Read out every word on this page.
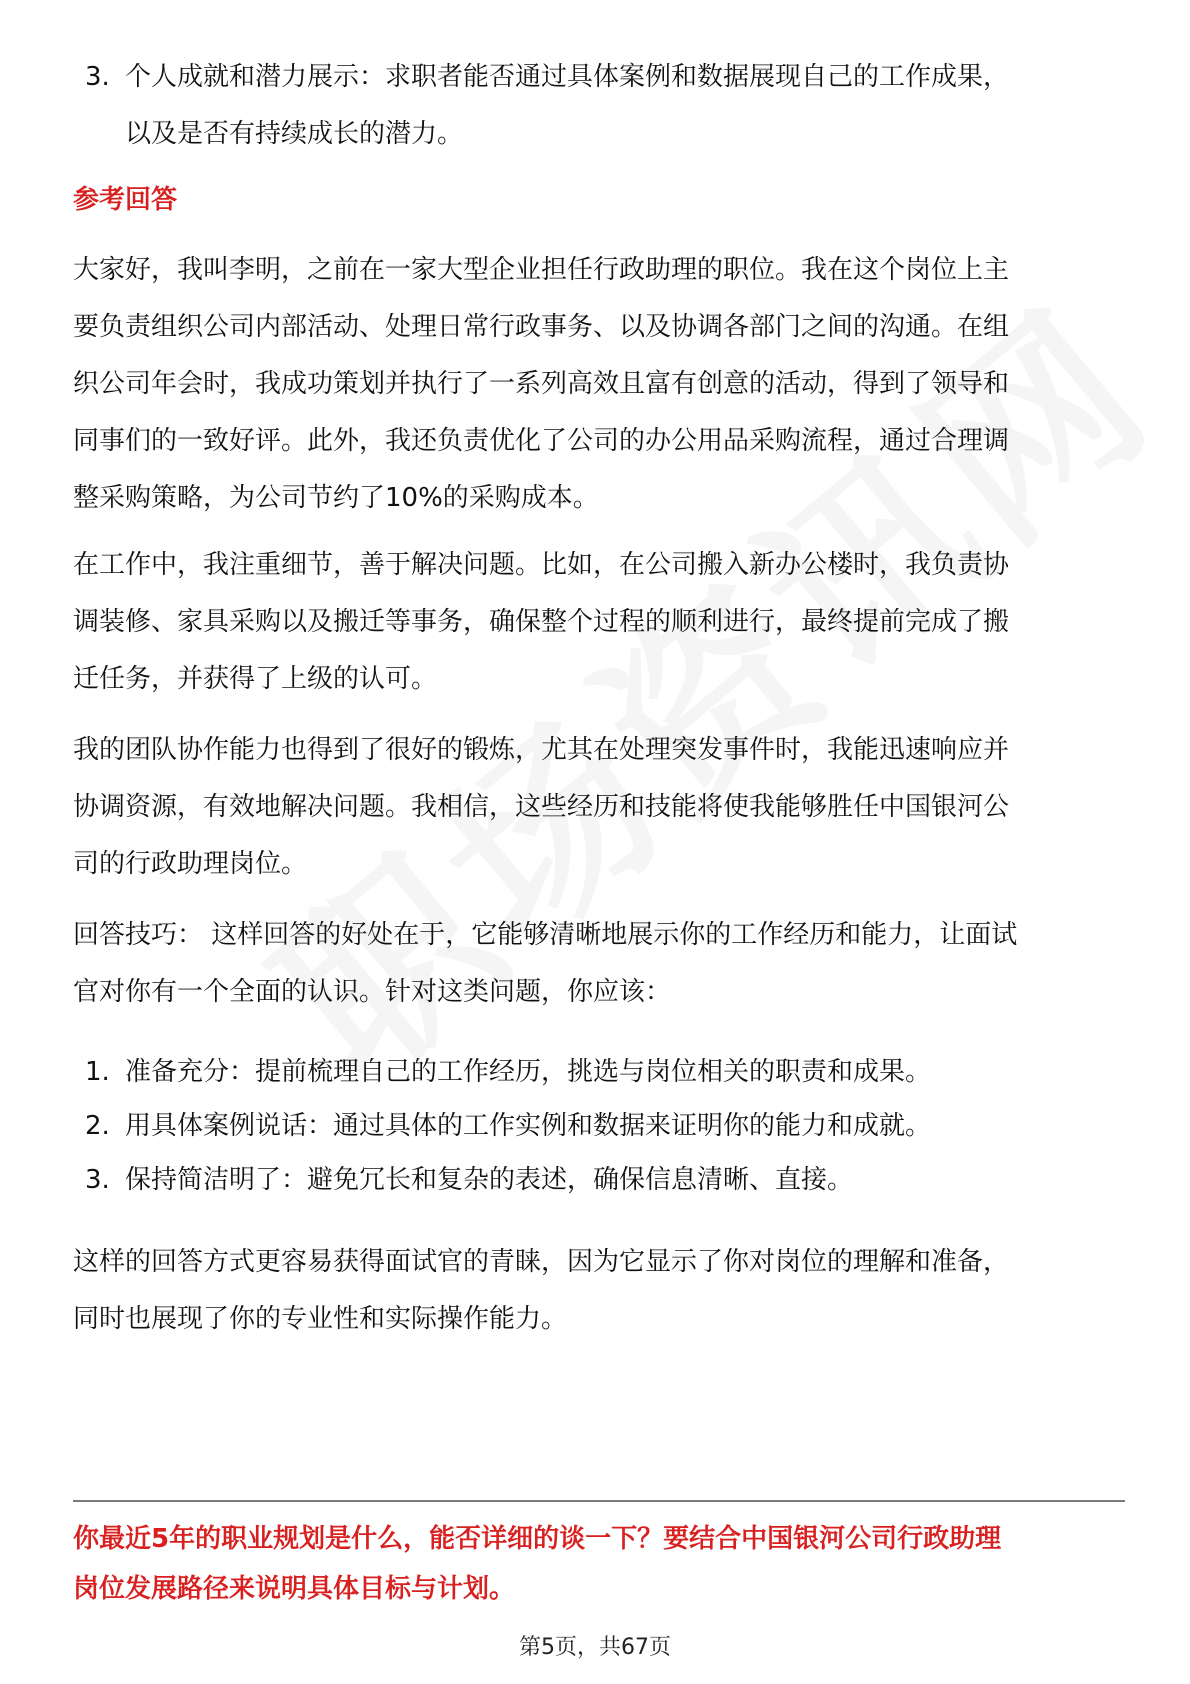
3. 个人成就和潜力展示：求职者能否通过具体案例和数据展现自己的工作成果，
以及是否有持续成长的潜力。
参考回答
大家好，我叫李明，之前在一家大型企业担任行政助理的职位。我在这个岗位上主
要负责组织公司内部活动、处理日常行政事务、以及协调各部门之间的沟通。在组
织公司年会时，我成功策划并执行了一系列高效且富有创意的活动，得到了领导和
同事们的一致好评。此外，我还负责优化了公司的办公用品采购流程，通过合理调
整采购策略，为公司节约了10%的采购成本。
在工作中，我注重细节，善于解决问题。比如，在公司搬入新办公楼时，我负责协
调装修、家具采购以及搬迁等事务，确保整个过程的顺利进行，最终提前完成了搬
迁任务，并获得了上级的认可。
我的团队协作能力也得到了很好的锻炼，尤其在处理突发事件时，我能迅速响应并
协调资源，有效地解决问题。我相信，这些经历和技能将使我能够胜任中国银河公
司的行政助理岗位。
回答技巧： 这样回答的好处在于，它能够清晰地展示你的工作经历和能力，让面试
官对你有一个全面的认识。针对这类问题，你应该：
1. 准备充分：提前梳理自己的工作经历，挑选与岗位相关的职责和成果。
2. 用具体案例说话：通过具体的工作实例和数据来证明你的能力和成就。
3. 保持简洁明了：避免冗长和复杂的表述，确保信息清晰、直接。
这样的回答方式更容易获得面试官的青睐，因为它显示了你对岗位的理解和准备，
同时也展现了你的专业性和实际操作能力。
你最近5年的职业规划是什么，能否详细的谈一下？要结合中国银河公司行政助理
岗位发展路径来说明具体目标与计划。
第5页，共67页
